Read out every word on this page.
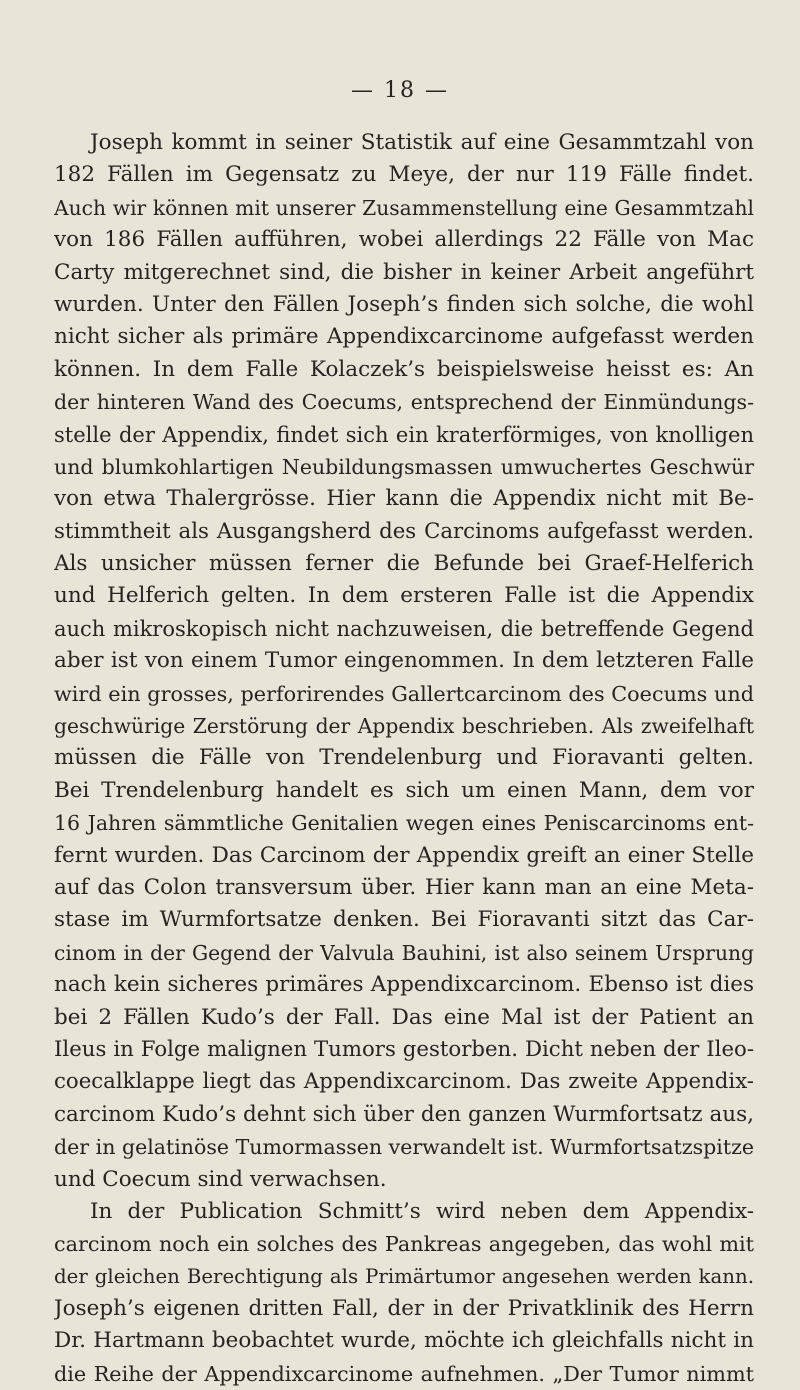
— 18 —
Joseph kommt in seiner Statistik auf eine Gesammtzahl von
182 Fällen im Gegensatz zu Meye, der nur 119 Fälle findet.
Auch wir können mit unserer Zusammenstellung eine Gesammtzahl
von 186 Fällen aufführen, wobei allerdings 22 Fälle von Mac
Carty mitgerechnet sind, die bisher in keiner Arbeit angeführt
wurden. Unter den Fällen Joseph’s finden sich solche, die wohl
nicht sicher als primäre Appendixcarcinome aufgefasst werden
können. In dem Falle Kolaczek’s beispielsweise heisst es: An
der hinteren Wand des Coecums, entsprechend der Einmündungs-
stelle der Appendix, findet sich ein kraterförmiges, von knolligen
und blumkohlartigen Neubildungsmassen umwuchertes Geschwür
von etwa Thalergrösse. Hier kann die Appendix nicht mit Be-
stimmtheit als Ausgangsherd des Carcinoms aufgefasst werden.
Als unsicher müssen ferner die Befunde bei Graef-Helferich
und Helferich gelten. In dem ersteren Falle ist die Appendix
auch mikroskopisch nicht nachzuweisen, die betreffende Gegend
aber ist von einem Tumor eingenommen. In dem letzteren Falle
wird ein grosses, perforirendes Gallertcarcinom des Coecums und
geschwürige Zerstörung der Appendix beschrieben. Als zweifelhaft
müssen die Fälle von Trendelenburg und Fioravanti gelten.
Bei Trendelenburg handelt es sich um einen Mann, dem vor
16 Jahren sämmtliche Genitalien wegen eines Peniscarcinoms ent-
fernt wurden. Das Carcinom der Appendix greift an einer Stelle
auf das Colon transversum über. Hier kann man an eine Meta-
stase im Wurmfortsatze denken. Bei Fioravanti sitzt das Car-
cinom in der Gegend der Valvula Bauhini, ist also seinem Ursprung
nach kein sicheres primäres Appendixcarcinom. Ebenso ist dies
bei 2 Fällen Kudo’s der Fall. Das eine Mal ist der Patient an
Ileus in Folge malignen Tumors gestorben. Dicht neben der Ileo-
coecalklappe liegt das Appendixcarcinom. Das zweite Appendix-
carcinom Kudo’s dehnt sich über den ganzen Wurmfortsatz aus,
der in gelatinöse Tumormassen verwandelt ist. Wurmfortsatzspitze
und Coecum sind verwachsen.
In der Publication Schmitt’s wird neben dem Appendix-
carcinom noch ein solches des Pankreas angegeben, das wohl mit
der gleichen Berechtigung als Primärtumor angesehen werden kann.
Joseph’s eigenen dritten Fall, der in der Privatklinik des Herrn
Dr. Hartmann beobachtet wurde, möchte ich gleichfalls nicht in
die Reihe der Appendixcarcinome aufnehmen. „Der Tumor nimmt
